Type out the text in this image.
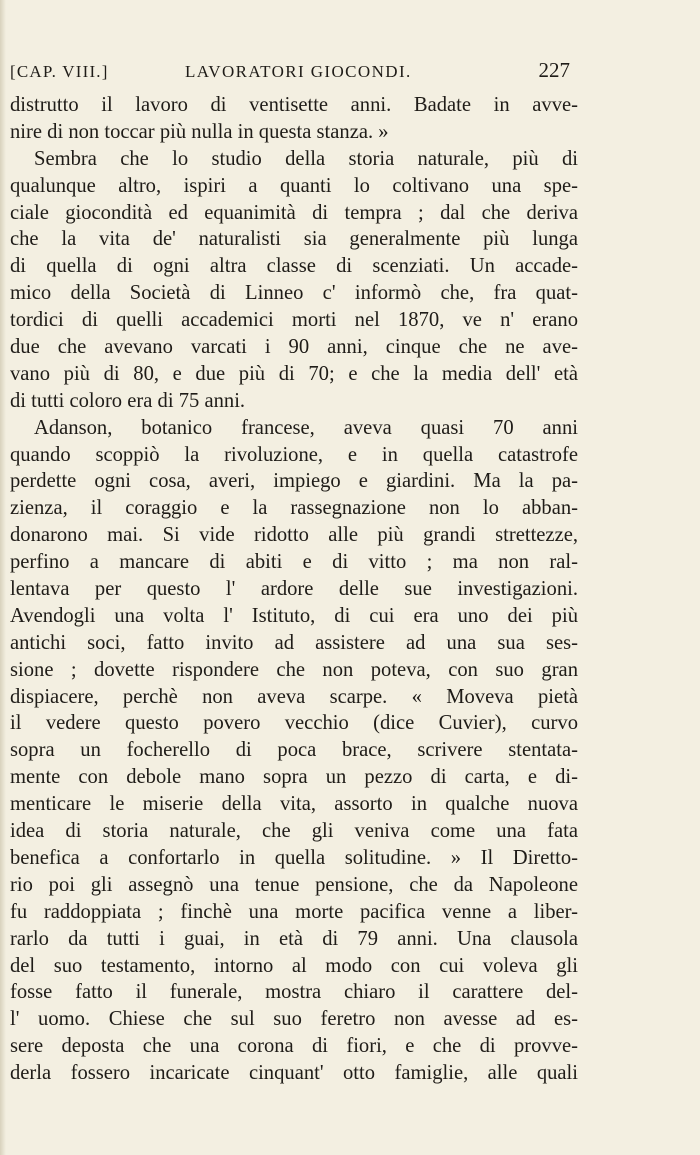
[CAP. VIII.]	LAVORATORI GIOCONDI.	227
distrutto il lavoro di ventisette anni. Badate in avve-
nire di non toccar più nulla in questa stanza. »
Sembra che lo studio della storia naturale, più di
qualunque altro, ispiri a quanti lo coltivano una spe-
ciale giocondità ed equanimità di tempra ; dal che deriva
che la vita de' naturalisti sia generalmente più lunga
di quella di ogni altra classe di scenziati. Un accade-
mico della Società di Linneo c' informò che, fra quat-
tordici di quelli accademici morti nel 1870, ve n' erano
due che avevano varcati i 90 anni, cinque che ne ave-
vano più di 80, e due più di 70; e che la media dell' età
di tutti coloro era di 75 anni.
Adanson, botanico francese, aveva quasi 70 anni
quando scoppiò la rivoluzione, e in quella catastrofe
perdette ogni cosa, averi, impiego e giardini. Ma la pa-
zienza, il coraggio e la rassegnazione non lo abban-
donarono mai. Si vide ridotto alle più grandi strettezze,
perfino a mancare di abiti e di vitto ; ma non ral-
lentava per questo l' ardore delle sue investigazioni.
Avendogli una volta l' Istituto, di cui era uno dei più
antichi soci, fatto invito ad assistere ad una sua ses-
sione ; dovette rispondere che non poteva, con suo gran
dispiacere, perchè non aveva scarpe. « Moveva pietà
il vedere questo povero vecchio (dice Cuvier), curvo
sopra un focherello di poca brace, scrivere stentata-
mente con debole mano sopra un pezzo di carta, e di-
menticare le miserie della vita, assorto in qualche nuova
idea di storia naturale, che gli veniva come una fata
benefica a confortarlo in quella solitudine. » Il Diretto-
rio poi gli assegnò una tenue pensione, che da Napoleone
fu raddoppiata ; finchè una morte pacifica venne a liber-
rarlo da tutti i guai, in età di 79 anni. Una clausola
del suo testamento, intorno al modo con cui voleva gli
fosse fatto il funerale, mostra chiaro il carattere del-
l' uomo. Chiese che sul suo feretro non avesse ad es-
sere deposta che una corona di fiori, e che di provve-
derla fossero incaricate cinquant' otto famiglie, alle quali
